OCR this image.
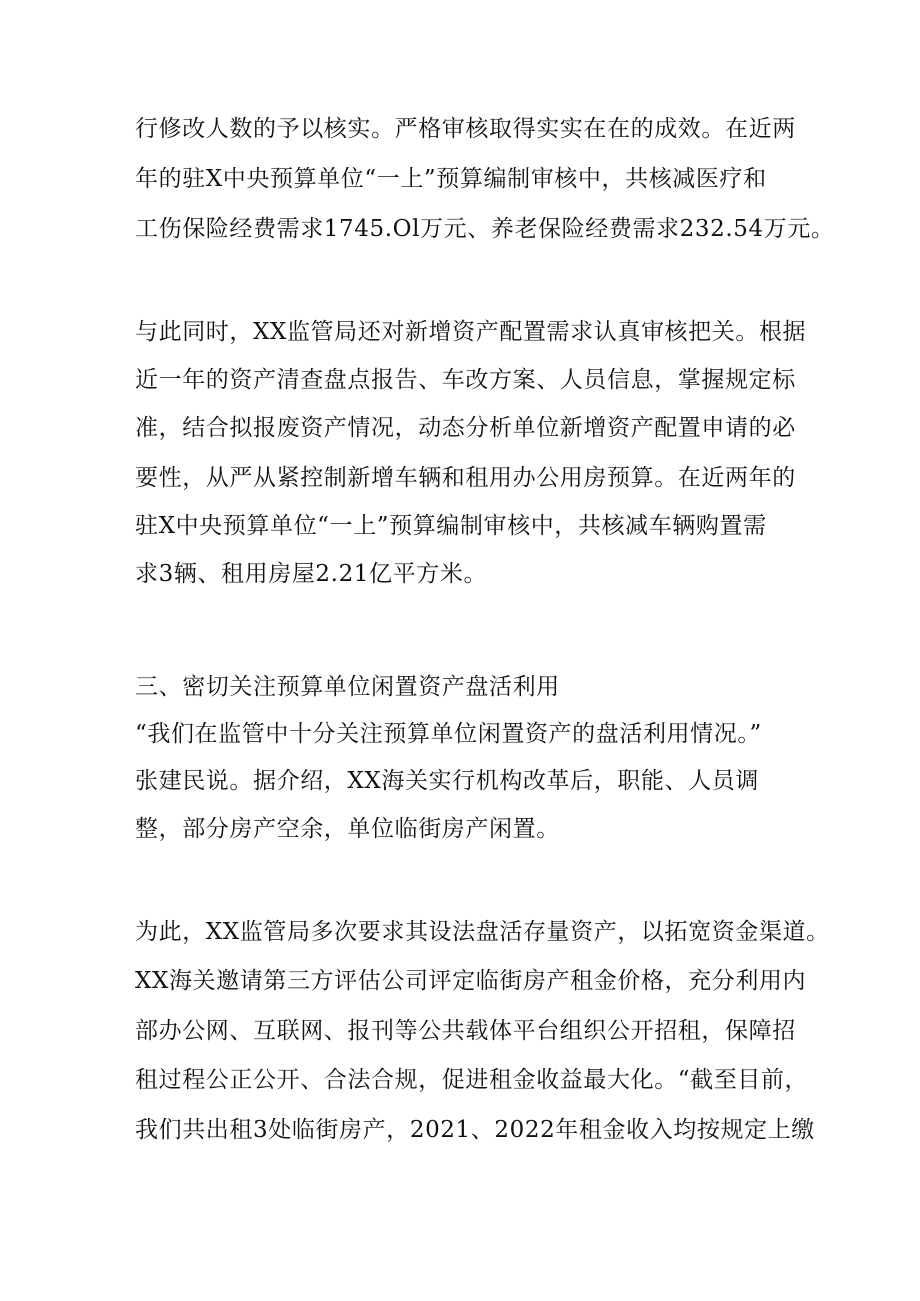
行修改人数的予以核实。严格审核取得实实在在的成效。在近两
年的驻X中央预算单位“一上”预算编制审核中，共核减医疗和
工伤保险经费需求1745.Ol万元、养老保险经费需求232.54万元。
与此同时，XX监管局还对新增资产配置需求认真审核把关。根据
近一年的资产清查盘点报告、车改方案、人员信息，掌握规定标
准，结合拟报废资产情况，动态分析单位新增资产配置申请的必
要性，从严从紧控制新增车辆和租用办公用房预算。在近两年的
驻X中央预算单位“一上”预算编制审核中，共核减车辆购置需
求3辆、租用房屋2.21亿平方米。
三、密切关注预算单位闲置资产盘活利用
“我们在监管中十分关注预算单位闲置资产的盘活利用情况。”
张建民说。据介绍，XX海关实行机构改革后，职能、人员调
整，部分房产空余，单位临街房产闲置。
为此，XX监管局多次要求其设法盘活存量资产，以拓宽资金渠道。
XX海关邀请第三方评估公司评定临街房产租金价格，充分利用内
部办公网、互联网、报刊等公共载体平台组织公开招租，保障招
租过程公正公开、合法合规，促进租金收益最大化。“截至目前，
我们共出租3处临街房产，2021、2022年租金收入均按规定上缴
